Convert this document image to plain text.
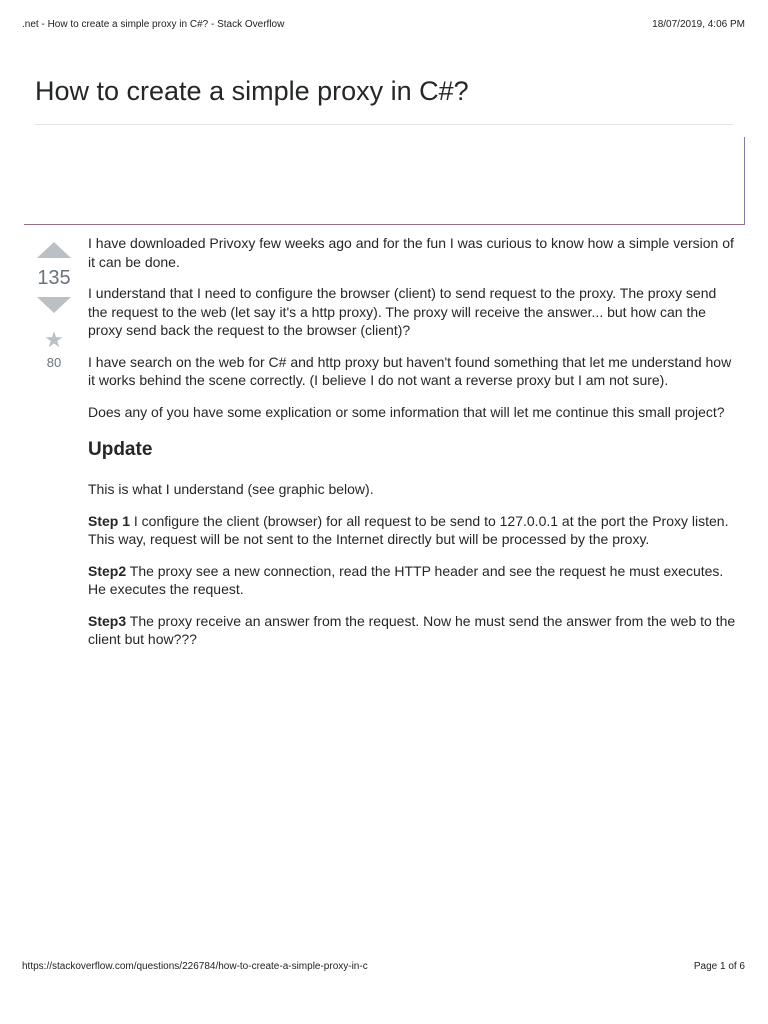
.net - How to create a simple proxy in C#? - Stack Overflow	18/07/2019, 4:06 PM
How to create a simple proxy in C#?
135
★
80

I have downloaded Privoxy few weeks ago and for the fun I was curious to know how a simple version of it can be done.

I understand that I need to configure the browser (client) to send request to the proxy. The proxy send the request to the web (let say it's a http proxy). The proxy will receive the answer... but how can the proxy send back the request to the browser (client)?

I have search on the web for C# and http proxy but haven't found something that let me understand how it works behind the scene correctly. (I believe I do not want a reverse proxy but I am not sure).

Does any of you have some explication or some information that will let me continue this small project?

Update

This is what I understand (see graphic below).

Step 1 I configure the client (browser) for all request to be send to 127.0.0.1 at the port the Proxy listen. This way, request will be not sent to the Internet directly but will be processed by the proxy.

Step2 The proxy see a new connection, read the HTTP header and see the request he must executes. He executes the request.

Step3 The proxy receive an answer from the request. Now he must send the answer from the web to the client but how???

https://stackoverflow.com/questions/226784/how-to-create-a-simple-proxy-in-c	Page 1 of 6
